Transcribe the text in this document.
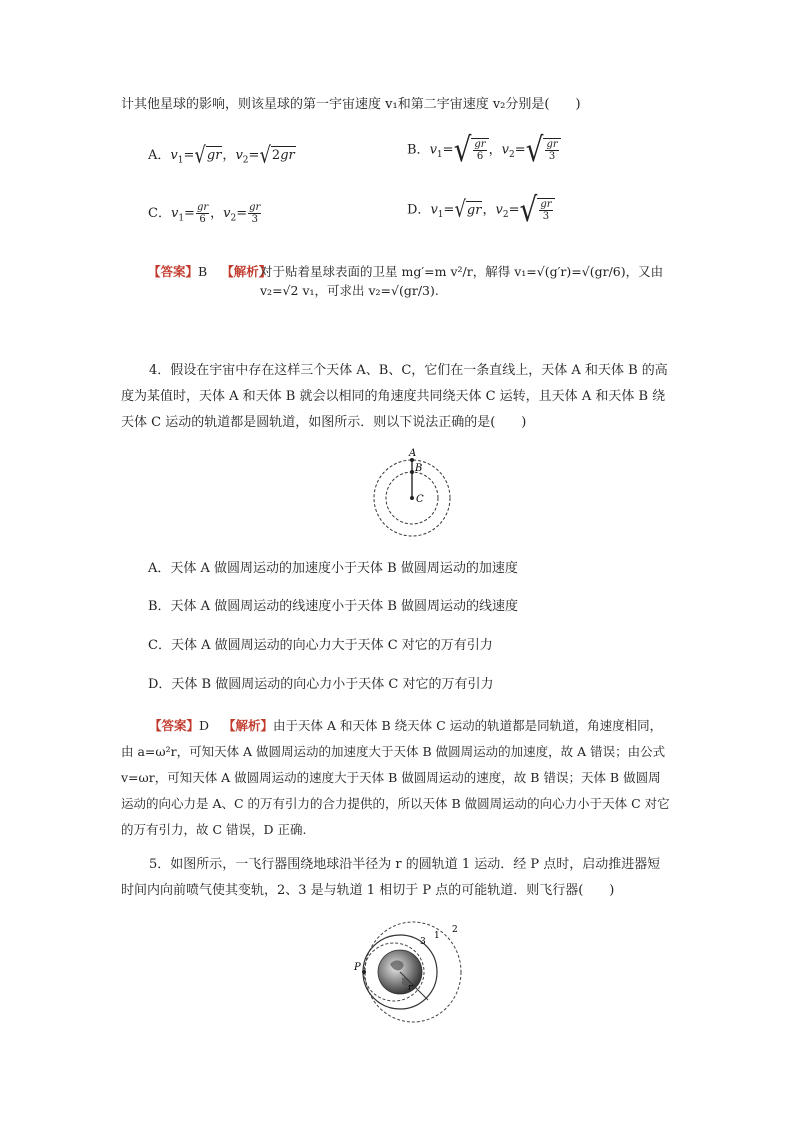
计其他星球的影响，则该星球的第一宇宙速度 v₁和第二宇宙速度 v₂分别是(　　)
A．$v_1=$ √ gr ，$v_2=$ √ 2gr	B．$v_1=$ √ $\frac{gr}{6}$ ，$v_2=$ √ $\frac{gr}{3}$
C．$v_1= \frac{gr}{6}$ ，$v_2= \frac{gr}{3}$	D．$v_1=$ √ gr ，$v_2=$ √ $\frac{gr}{3}$
【答案】B 【解析】
对于贴着星球表面的卫星 mg′=m v²/r，解得 v₁=√(g′r)=√(gr/6)，又由 v₂=√2 v₁，可求出 v₂=√(gr/3).
4．假设在宇宙中存在这样三个天体 A、B、C，它们在一条直线上，天体 A 和天体 B 的高度为某值时，天体 A 和天体 B 就会以相同的角速度共同绕天体 C 运转，且天体 A 和天体 B 绕天体 C 运动的轨道都是圆轨道，如图所示．则以下说法正确的是(　　)
A
B
C
A．天体 A 做圆周运动的加速度小于天体 B 做圆周运动的加速度
B．天体 A 做圆周运动的线速度小于天体 B 做圆周运动的线速度
C．天体 A 做圆周运动的向心力大于天体 C 对它的万有引力
D．天体 B 做圆周运动的向心力小于天体 C 对它的万有引力
【答案】D 【解析】由于天体 A 和天体 B 绕天体 C 运动的轨道都是同轨道，角速度相同，由 a=ω²r，可知天体 A 做圆周运动的加速度大于天体 B 做圆周运动的加速度，故 A 错误；由公式 v=ωr，可知天体 A 做圆周运动的速度大于天体 B 做圆周运动的速度，故 B 错误；天体 B 做圆周运动的向心力是 A、C 的万有引力的合力提供的，所以天体 B 做圆周运动的向心力小于天体 C 对它的万有引力，故 C 错误，D 正确.
5．如图所示，一飞行器围绕地球沿半径为 r 的圆轨道 1 运动．经 P 点时，启动推进器短时间内向前喷气使其变轨，2、3 是与轨道 1 相切于 P 点的可能轨道．则飞行器(　　)
P
1
2
3
r
